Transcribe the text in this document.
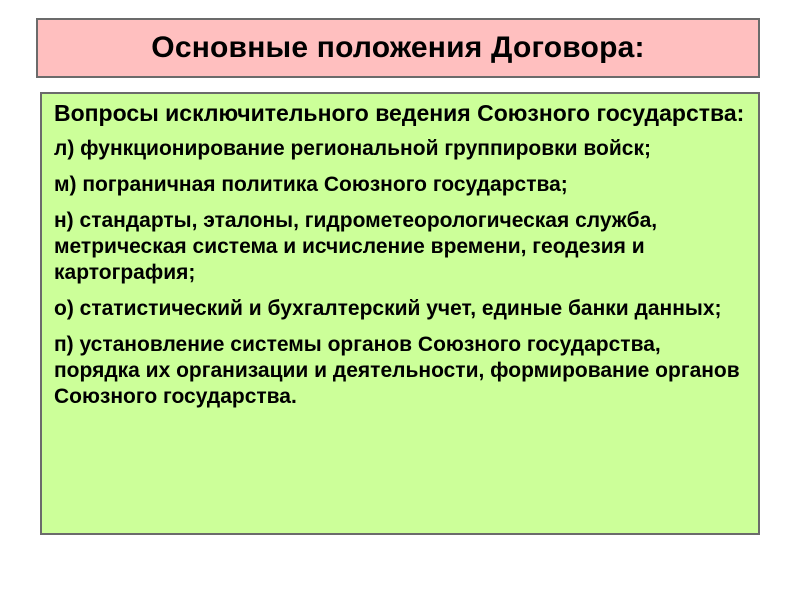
Основные положения Договора:
Вопросы исключительного ведения Союзного государства:
л) функционирование региональной группировки войск;
м) пограничная политика Союзного государства;
н) стандарты, эталоны, гидрометеорологическая служба, метрическая система и исчисление времени, геодезия и картография;
о) статистический и бухгалтерский учет, единые банки данных;
п) установление системы органов Союзного государства, порядка их организации и деятельности, формирование органов Союзного государства.
